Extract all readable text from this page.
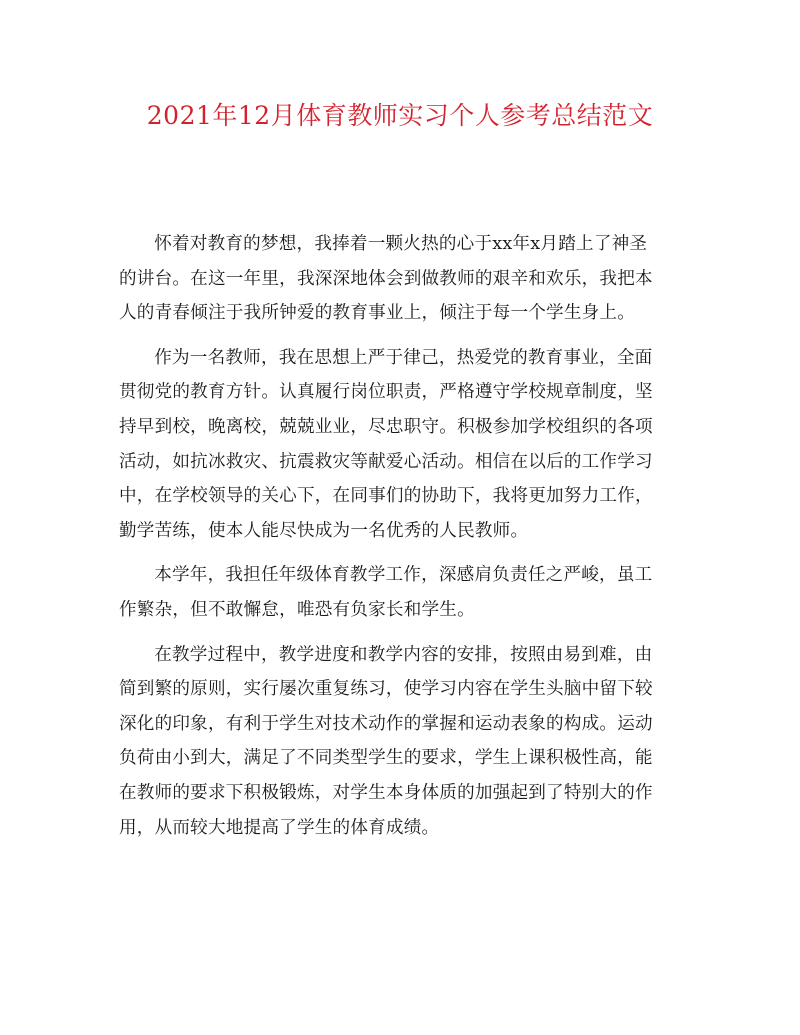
2021年12月体育教师实习个人参考总结范文

怀着对教育的梦想，我捧着一颗火热的心于xx年x月踏上了神圣
的讲台。在这一年里，我深深地体会到做教师的艰辛和欢乐，我把本
人的青春倾注于我所钟爱的教育事业上，倾注于每一个学生身上。

作为一名教师，我在思想上严于律己，热爱党的教育事业，全面
贯彻党的教育方针。认真履行岗位职责，严格遵守学校规章制度，坚
持早到校，晚离校，兢兢业业，尽忠职守。积极参加学校组织的各项
活动，如抗冰救灾、抗震救灾等献爱心活动。相信在以后的工作学习
中，在学校领导的关心下，在同事们的协助下，我将更加努力工作，
勤学苦练，使本人能尽快成为一名优秀的人民教师。

本学年，我担任年级体育教学工作，深感肩负责任之严峻，虽工
作繁杂，但不敢懈怠，唯恐有负家长和学生。

在教学过程中，教学进度和教学内容的安排，按照由易到难，由
简到繁的原则，实行屡次重复练习，使学习内容在学生头脑中留下较
深化的印象，有利于学生对技术动作的掌握和运动表象的构成。运动
负荷由小到大，满足了不同类型学生的要求，学生上课积极性高，能
在教师的要求下积极锻炼，对学生本身体质的加强起到了特别大的作
用，从而较大地提高了学生的体育成绩。
